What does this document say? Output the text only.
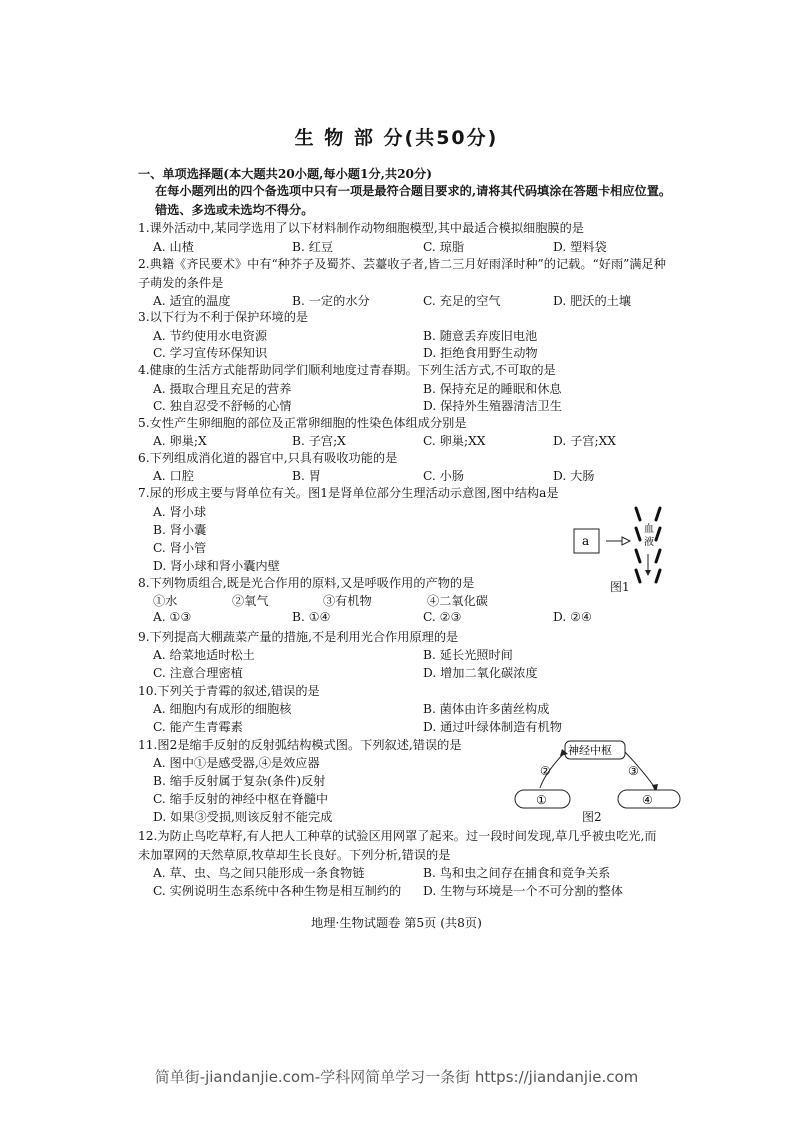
生 物 部 分(共50分)
一、单项选择题(本大题共20小题,每小题1分,共20分)
在每小题列出的四个备选项中只有一项是最符合题目要求的,请将其代码填涂在答题卡相应位置。错选、多选或未选均不得分。
1.课外活动中,某同学选用了以下材料制作动物细胞模型,其中最适合模拟细胞膜的是
A. 山楂	B. 红豆	C. 琼脂	D. 塑料袋
2.典籍《齐民要术》中有“种芥子及蜀芥、芸薹收子者,皆二三月好雨泽时种”的记载。“好雨”满足种子萌发的条件是
A. 适宜的温度	B. 一定的水分	C. 充足的空气	D. 肥沃的土壤
3.以下行为不利于保护环境的是
A. 节约使用水电资源	B. 随意丢弃废旧电池
C. 学习宣传环保知识	D. 拒绝食用野生动物
4.健康的生活方式能帮助同学们顺利地度过青春期。下列生活方式,不可取的是
A. 摄取合理且充足的营养	B. 保持充足的睡眠和休息
C. 独自忍受不舒畅的心情	D. 保持外生殖器清洁卫生
5.女性产生卵细胞的部位及正常卵细胞的性染色体组成分别是
A. 卵巢;X	B. 子宫;X	C. 卵巢;XX	D. 子宫;XX
6.下列组成消化道的器官中,只具有吸收功能的是
A. 口腔	B. 胃	C. 小肠	D. 大肠
7.尿的形成主要与肾单位有关。图1是肾单位部分生理活动示意图,图中结构a是
A. 肾小球
B. 肾小囊
C. 肾小管
D. 肾小球和肾小囊内壁
a
血
液
图1
8.下列物质组合,既是光合作用的原料,又是呼吸作用的产物的是
①水	②氧气	③有机物	④二氧化碳
A. ①③	B. ①④	C. ②③	D. ②④
9.下列提高大棚蔬菜产量的措施,不是利用光合作用原理的是
A. 给菜地适时松土	B. 延长光照时间
C. 注意合理密植	D. 增加二氧化碳浓度
10.下列关于青霉的叙述,错误的是
A. 细胞内有成形的细胞核	B. 菌体由许多菌丝构成
C. 能产生青霉素	D. 通过叶绿体制造有机物
11.图2是缩手反射的反射弧结构模式图。下列叙述,错误的是
A. 图中①是感受器,④是效应器
B. 缩手反射属于复杂(条件)反射
C. 缩手反射的神经中枢在脊髓中
D. 如果③受损,则该反射不能完成
神经中枢
②	③
①	④
图2
12.为防止鸟吃草籽,有人把人工种草的试验区用网罩了起来。过一段时间发现,草几乎被虫吃光,而未加罩网的天然草原,牧草却生长良好。下列分析,错误的是
A. 草、虫、鸟之间只能形成一条食物链	B. 鸟和虫之间存在捕食和竞争关系
C. 实例说明生态系统中各种生物是相互制约的 D. 生物与环境是一个不可分割的整体
地理·生物试题卷 第5页 (共8页)
简单街-jiandanjie.com-学科网简单学习一条街 https://jiandanjie.com
